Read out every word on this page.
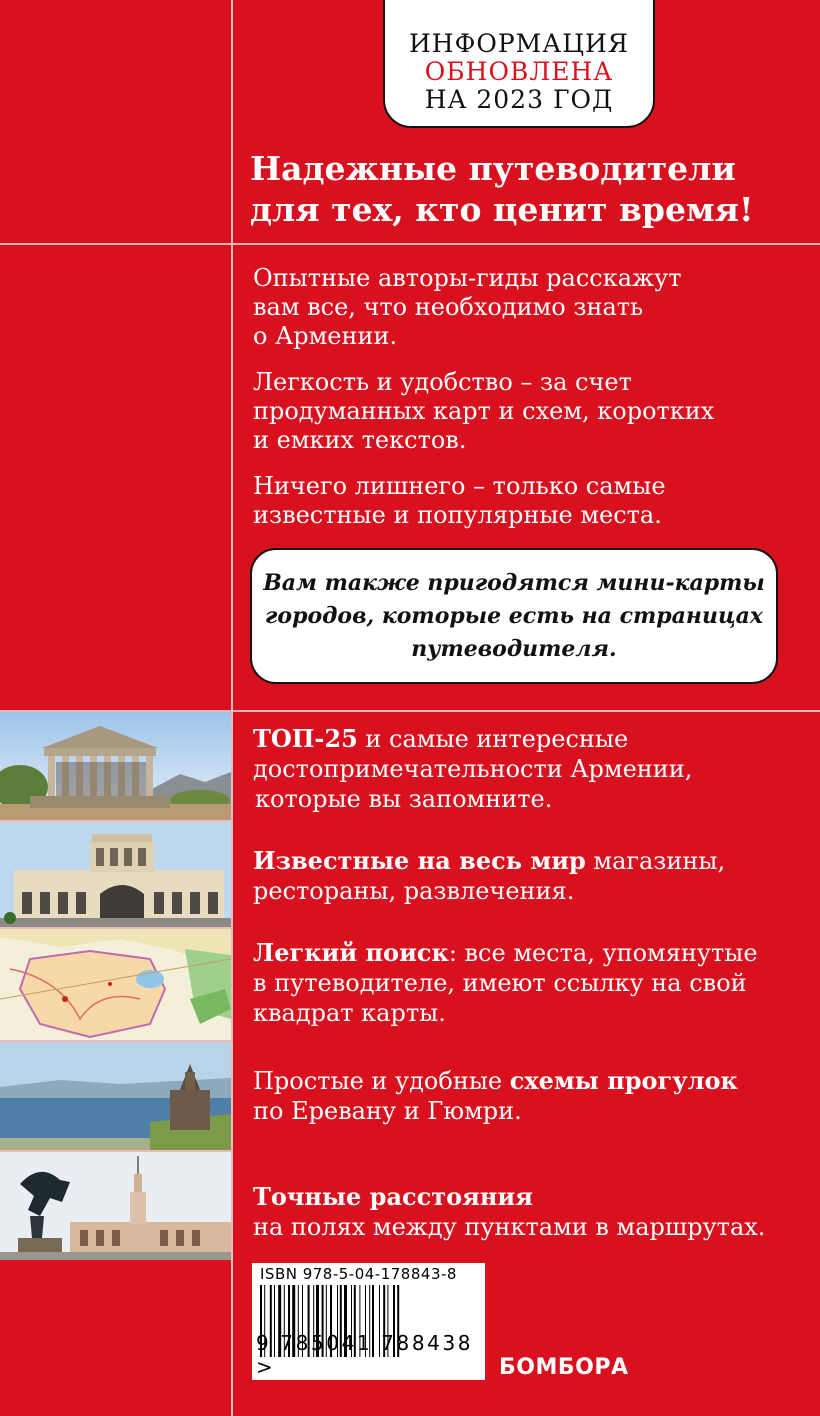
ИНФОРМАЦИЯ
ОБНОВЛЕНА
НА 2023 ГОД
Надежные путеводители
для тех, кто ценит время!
Опытные авторы-гиды расскажут
вам все, что необходимо знать
о Армении.
Легкость и удобство – за счет
продуманных карт и схем, коротких
и емких текстов.
Ничего лишнего – только самые
известные и популярные места.
Вам также пригодятся мини-карты
городов, которые есть на страницах
путеводителя.
ТОП-25 и самые интересные
достопримечательности Армении,
которые вы запомните.
Известные на весь мир магазины,
рестораны, развлечения.
Легкий поиск: все места, упомянутые
в путеводителе, имеют ссылку на свой
квадрат карты.
Простые и удобные схемы прогулок
по Еревану и Гюмри.
Точные расстояния
на полях между пунктами в маршрутах.
ISBN 978-5-04-178843-8
9 785041 788438 >	БОМБОРА
